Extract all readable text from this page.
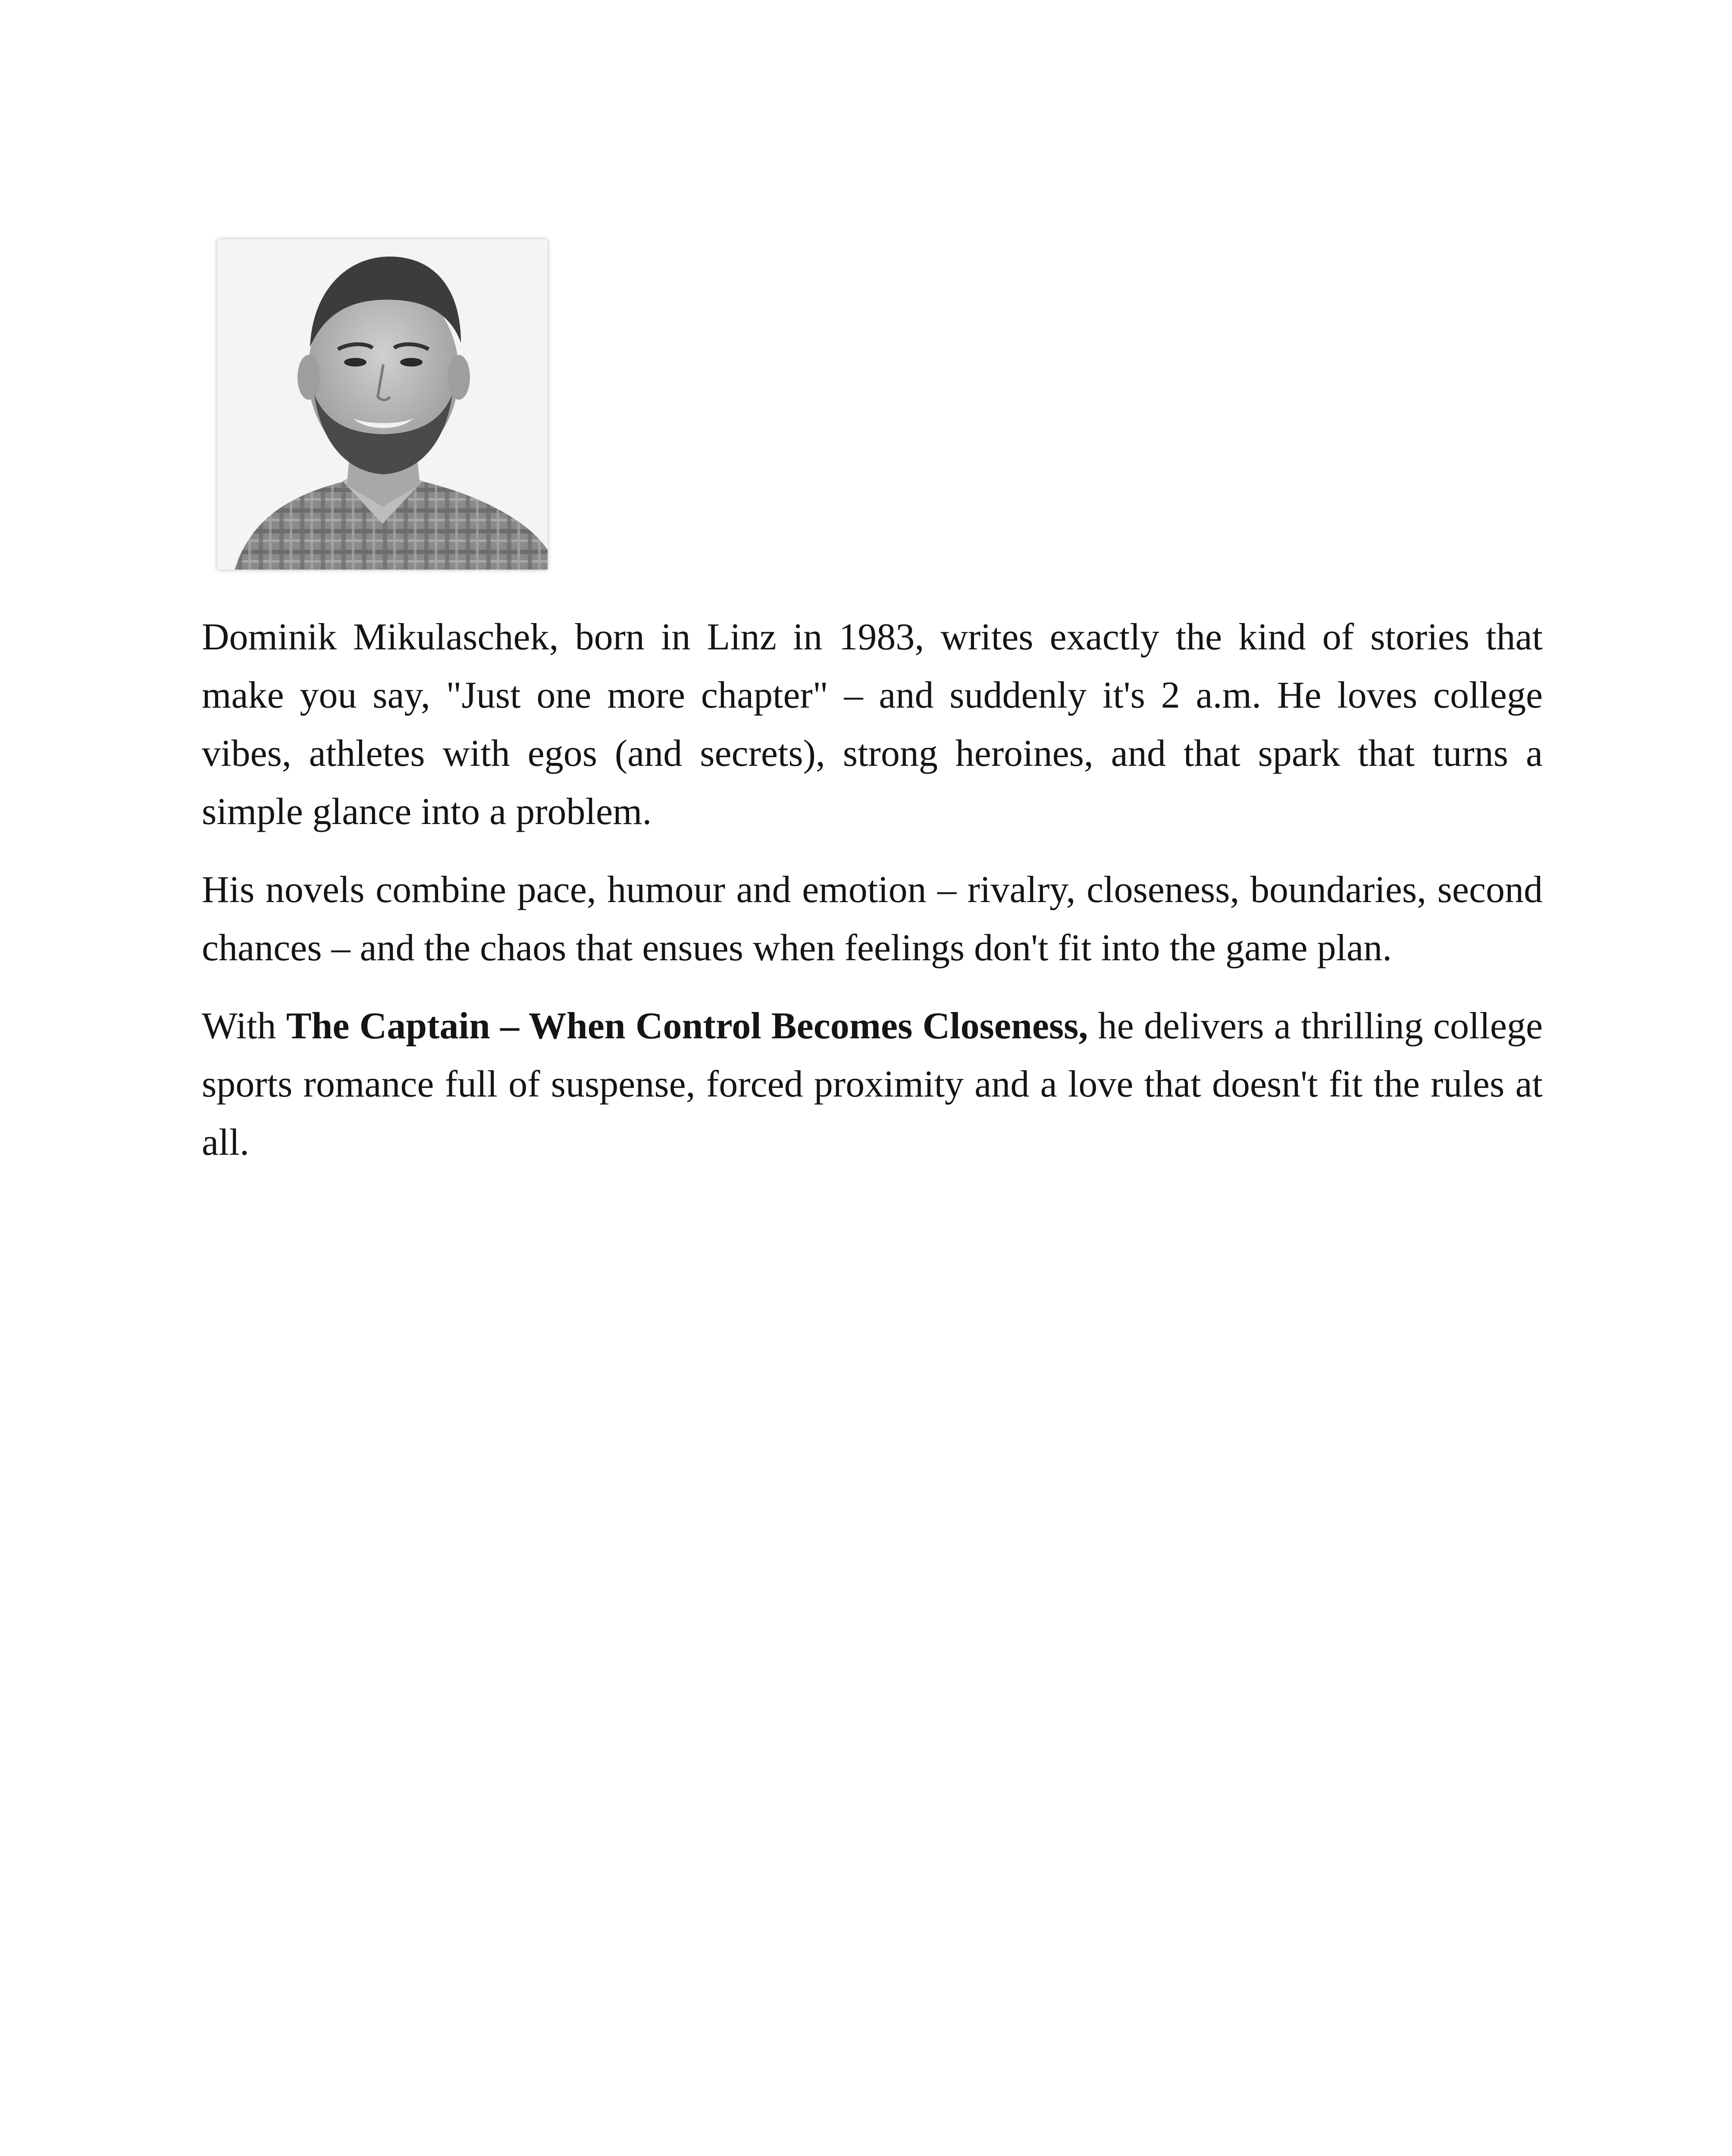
Dominik Mikulaschek, born in Linz in 1983, writes exactly the kind of stories that make you say, "Just one more chapter" – and suddenly it's 2 a.m. He loves college vibes, athletes with egos (and secrets), strong heroines, and that spark that turns a simple glance into a problem.

His novels combine pace, humour and emotion – rivalry, closeness, boundaries, second chances – and the chaos that ensues when feelings don't fit into the game plan.

With The Captain – When Control Becomes Closeness, he delivers a thrilling college sports romance full of suspense, forced proximity and a love that doesn't fit the rules at all.
